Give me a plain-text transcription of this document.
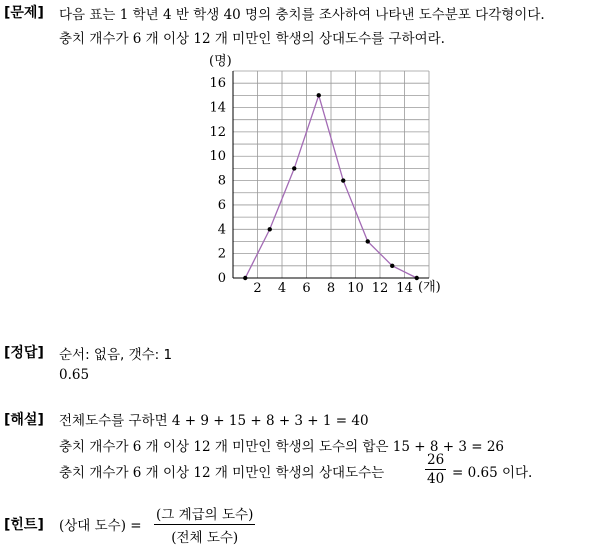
[문제] 다음 표는 1 학년 4 반 학생 40 명의 충치를 조사하여 나타낸 도수분포 다각형이다.
충치 개수가 6 개 이상 12 개 미만인 학생의 상대도수를 구하여라.
0
2
4
6
8
10
12
14
16
2 4 6 8 10 12 14
(명)
(개)
[정답] 순서: 없음, 갯수: 1
0.65
[해설] 전체도수를 구하면 4 + 9 + 15 + 8 + 3 + 1 = 40
충치 개수가 6 개 이상 12 개 미만인 학생의 도수의 합은 15 + 8 + 3 = 26
충치 개수가 6 개 이상 12 개 미만인 학생의 상대도수는	$\frac{26}{40} = 0.65$ 이다.
[힌트] (상대 도수) =
(그 계급의 도수)
(전체 도수)
